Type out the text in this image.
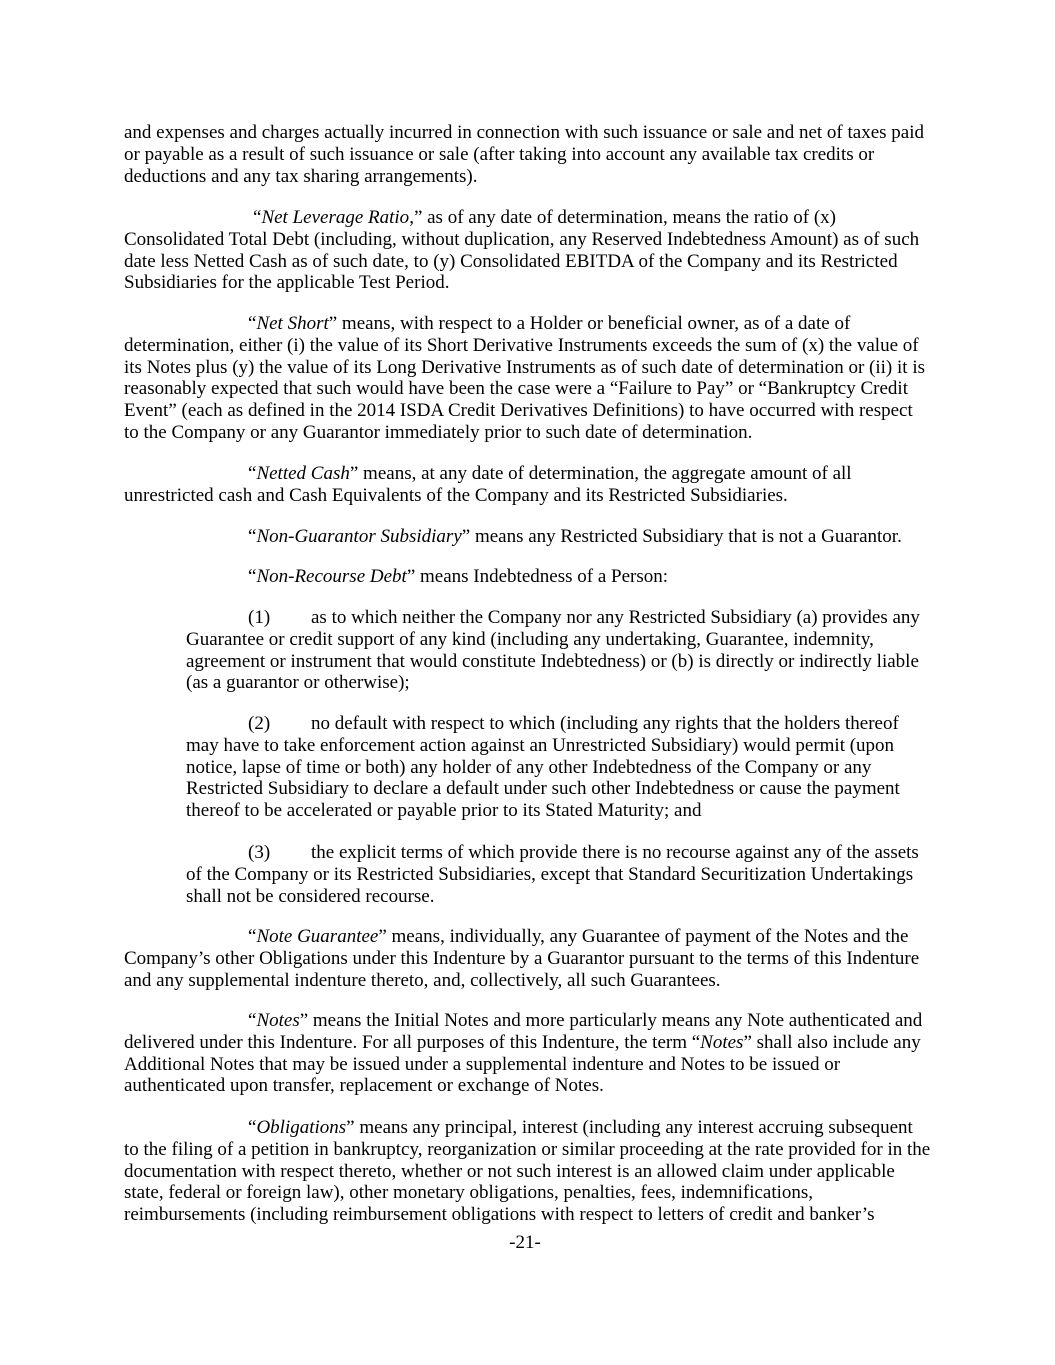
and expenses and charges actually incurred in connection with such issuance or sale and net of taxes paid
or payable as a result of such issuance or sale (after taking into account any available tax credits or
deductions and any tax sharing arrangements).
“Net Leverage Ratio,” as of any date of determination, means the ratio of (x)
Consolidated Total Debt (including, without duplication, any Reserved Indebtedness Amount) as of such
date less Netted Cash as of such date, to (y) Consolidated EBITDA of the Company and its Restricted
Subsidiaries for the applicable Test Period.
“Net Short” means, with respect to a Holder or beneficial owner, as of a date of
determination, either (i) the value of its Short Derivative Instruments exceeds the sum of (x) the value of
its Notes plus (y) the value of its Long Derivative Instruments as of such date of determination or (ii) it is
reasonably expected that such would have been the case were a “Failure to Pay” or “Bankruptcy Credit
Event” (each as defined in the 2014 ISDA Credit Derivatives Definitions) to have occurred with respect
to the Company or any Guarantor immediately prior to such date of determination.
“Netted Cash” means, at any date of determination, the aggregate amount of all
unrestricted cash and Cash Equivalents of the Company and its Restricted Subsidiaries.
“Non-Guarantor Subsidiary” means any Restricted Subsidiary that is not a Guarantor.
“Non-Recourse Debt” means Indebtedness of a Person:
(1) as to which neither the Company nor any Restricted Subsidiary (a) provides any
Guarantee or credit support of any kind (including any undertaking, Guarantee, indemnity,
agreement or instrument that would constitute Indebtedness) or (b) is directly or indirectly liable
(as a guarantor or otherwise);
(2) no default with respect to which (including any rights that the holders thereof
may have to take enforcement action against an Unrestricted Subsidiary) would permit (upon
notice, lapse of time or both) any holder of any other Indebtedness of the Company or any
Restricted Subsidiary to declare a default under such other Indebtedness or cause the payment
thereof to be accelerated or payable prior to its Stated Maturity; and
(3) the explicit terms of which provide there is no recourse against any of the assets
of the Company or its Restricted Subsidiaries, except that Standard Securitization Undertakings
shall not be considered recourse.
“Note Guarantee” means, individually, any Guarantee of payment of the Notes and the
Company’s other Obligations under this Indenture by a Guarantor pursuant to the terms of this Indenture
and any supplemental indenture thereto, and, collectively, all such Guarantees.
“Notes” means the Initial Notes and more particularly means any Note authenticated and
delivered under this Indenture. For all purposes of this Indenture, the term “Notes” shall also include any
Additional Notes that may be issued under a supplemental indenture and Notes to be issued or
authenticated upon transfer, replacement or exchange of Notes.
“Obligations” means any principal, interest (including any interest accruing subsequent
to the filing of a petition in bankruptcy, reorganization or similar proceeding at the rate provided for in the
documentation with respect thereto, whether or not such interest is an allowed claim under applicable
state, federal or foreign law), other monetary obligations, penalties, fees, indemnifications,
reimbursements (including reimbursement obligations with respect to letters of credit and banker’s
-21-
